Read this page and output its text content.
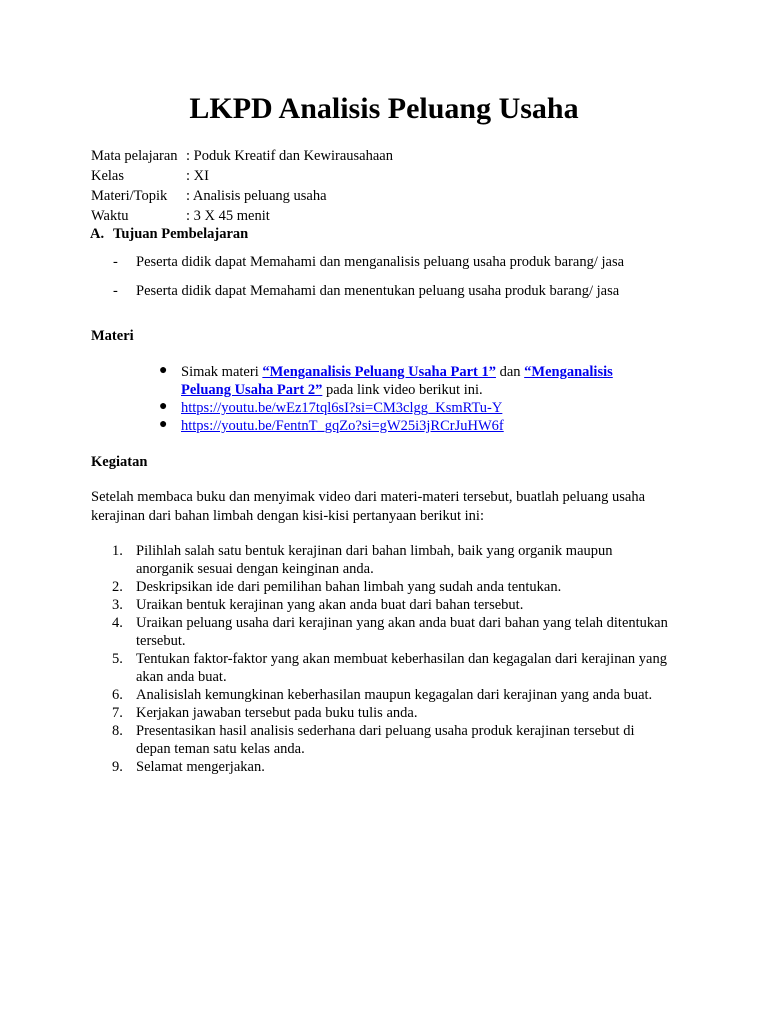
LKPD Analisis Peluang Usaha
Mata pelajaran : Poduk Kreatif dan Kewirausahaan
Kelas	: XI
Materi/Topik : Analisis peluang usaha
Waktu	: 3 X 45 menit
A. Tujuan Pembelajaran
- Peserta didik dapat Memahami dan menganalisis peluang usaha produk barang/ jasa
- Peserta didik dapat Memahami dan menentukan peluang usaha produk barang/ jasa
Materi
● Simak materi “Menganalisis Peluang Usaha Part 1” dan “Menganalisis Peluang Usaha Part 2” pada link video berikut ini.
● https://youtu.be/wEz17tql6sI?si=CM3clgg_KsmRTu-Y
● https://youtu.be/FentnT_gqZo?si=gW25i3jRCrJuHW6f
Kegiatan

Setelah membaca buku dan menyimak video dari materi-materi tersebut, buatlah peluang usaha kerajinan dari bahan limbah dengan kisi-kisi pertanyaan berikut ini:

1. Pilihlah salah satu bentuk kerajinan dari bahan limbah, baik yang organik maupun anorganik sesuai dengan keinginan anda.
2. Deskripsikan ide dari pemilihan bahan limbah yang sudah anda tentukan.
3. Uraikan bentuk kerajinan yang akan anda buat dari bahan tersebut.
4. Uraikan peluang usaha dari kerajinan yang akan anda buat dari bahan yang telah ditentukan tersebut.
5. Tentukan faktor-faktor yang akan membuat keberhasilan dan kegagalan dari kerajinan yang akan anda buat.
6. Analisislah kemungkinan keberhasilan maupun kegagalan dari kerajinan yang anda buat.
7. Kerjakan jawaban tersebut pada buku tulis anda.
8. Presentasikan hasil analisis sederhana dari peluang usaha produk kerajinan tersebut di depan teman satu kelas anda.
9. Selamat mengerjakan.
